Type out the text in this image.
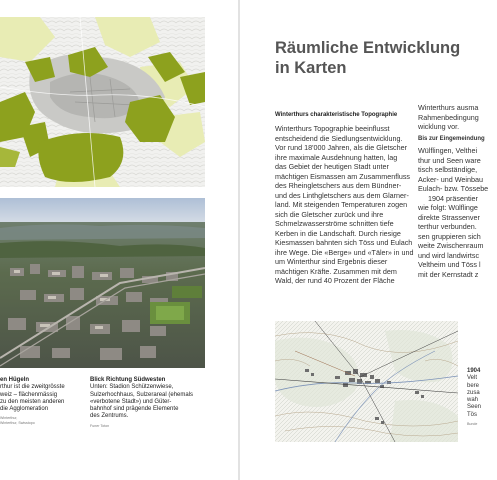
en Hügeln
rthur ist die zweitgrösste
weiz – flächenmässig
zu den meisten anderen
die Agglomeration
Winterthur,
Winterthur, Swisstopo
Blick Richtung Südwesten
Unten: Stadion Schützenwiese,
Sulzerhochhaus, Sulzerareal (ehemals
«verbotene Stadt») und Güter-
bahnhof sind prägende Elemente
des Zentrums.
Funer Toton
Räumliche Entwicklung
in Karten
Winterthurs charakteristische Topographie
Winterthurs Topographie beeinflusst
entscheidend die Siedlungsentwicklung.
Vor rund 18'000 Jahren, als die Gletscher
ihre maximale Ausdehnung hatten, lag
das Gebiet der heutigen Stadt unter
mächtigen Eismassen am Zusammenfluss
des Rheingletschers aus dem Bündner-
und des Linthgletschers aus dem Glarner-
land. Mit steigenden Temperaturen zogen
sich die Gletscher zurück und ihre
Schmelzwasserströme schnitten tiefe
Kerben in die Landschaft. Durch riesige
Kiesmassen bahnten sich Töss und Eulach
ihre Wege. Die «Berge» und «Täler» in und
um Winterthur sind Ergebnis dieser
mächtigen Kräfte. Zusammen mit dem
Wald, der rund 40 Prozent der Fläche
Winterthurs ausma
Rahmenbedingung
wicklung vor.
Bis zur Eingemeindung
Wülflingen, Velthei
thur und Seen ware
tisch selbständige,
Acker- und Weinbau
Eulach- bzw. Tössebe
1904 präsentier
wie folgt: Wülflinge
direkte Strassenver
terthur verbunden.
sen gruppieren sich
weite Zwischenraum
und wird landwirtsc
Veltheim und Töss l
mit der Kernstadt z
1904
Velt
bere
zusa
wah
Seen
Tös
Bunde
